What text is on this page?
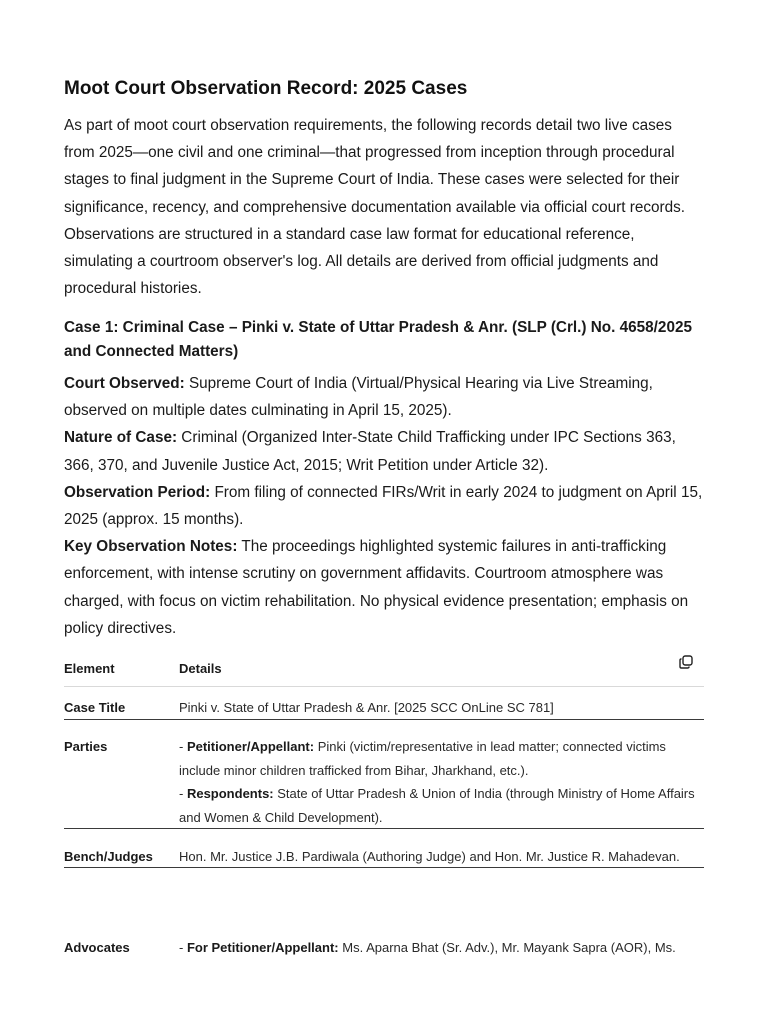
Moot Court Observation Record: 2025 Cases

As part of moot court observation requirements, the following records detail two live cases from 2025—one civil and one criminal—that progressed from inception through procedural stages to final judgment in the Supreme Court of India. These cases were selected for their significance, recency, and comprehensive documentation available via official court records. Observations are structured in a standard case law format for educational reference, simulating a courtroom observer's log. All details are derived from official judgments and procedural histories.

Case 1: Criminal Case – Pinki v. State of Uttar Pradesh & Anr. (SLP (Crl.) No. 4658/2025 and Connected Matters)

Court Observed: Supreme Court of India (Virtual/Physical Hearing via Live Streaming, observed on multiple dates culminating in April 15, 2025).

Nature of Case: Criminal (Organized Inter-State Child Trafficking under IPC Sections 363, 366, 370, and Juvenile Justice Act, 2015; Writ Petition under Article 32).

Observation Period: From filing of connected FIRs/Writ in early 2024 to judgment on April 15, 2025 (approx. 15 months).

Key Observation Notes: The proceedings highlighted systemic failures in anti-trafficking enforcement, with intense scrutiny on government affidavits. Courtroom atmosphere was charged, with focus on victim rehabilitation. No physical evidence presentation; emphasis on policy directives.

Element	Details
Case Title	Pinki v. State of Uttar Pradesh & Anr. [2025 SCC OnLine SC 781]
Parties	- Petitioner/Appellant: Pinki (victim/representative in lead matter; connected victims include minor children trafficked from Bihar, Jharkhand, etc.).
- Respondents: State of Uttar Pradesh & Union of India (through Ministry of Home Affairs and Women & Child Development).
Bench/Judges	Hon. Mr. Justice J.B. Pardiwala (Authoring Judge) and Hon. Mr. Justice R. Mahadevan.
Advocates	- For Petitioner/Appellant: Ms. Aparna Bhat (Sr. Adv.), Mr. Mayank Sapra (AOR), Ms.
